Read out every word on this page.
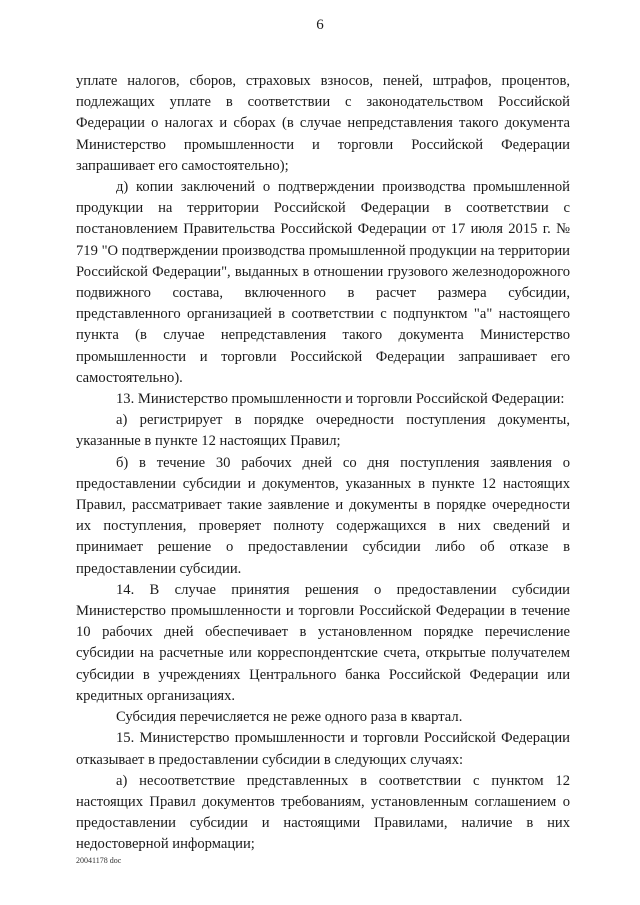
6

уплате налогов, сборов, страховых взносов, пеней, штрафов, процентов, подлежащих уплате в соответствии с законодательством Российской Федерации о налогах и сборах (в случае непредставления такого документа Министерство промышленности и торговли Российской Федерации запрашивает его самостоятельно);

д) копии заключений о подтверждении производства промышленной продукции на территории Российской Федерации в соответствии с постановлением Правительства Российской Федерации от 17 июля 2015 г. № 719 "О подтверждении производства промышленной продукции на территории Российской Федерации", выданных в отношении грузового железнодорожного подвижного состава, включенного в расчет размера субсидии, представленного организацией в соответствии с подпунктом "а" настоящего пункта (в случае непредставления такого документа Министерство промышленности и торговли Российской Федерации запрашивает его самостоятельно).

13. Министерство промышленности и торговли Российской Федерации:

а) регистрирует в порядке очередности поступления документы, указанные в пункте 12 настоящих Правил;

б) в течение 30 рабочих дней со дня поступления заявления о предоставлении субсидии и документов, указанных в пункте 12 настоящих Правил, рассматривает такие заявление и документы в порядке очередности их поступления, проверяет полноту содержащихся в них сведений и принимает решение о предоставлении субсидии либо об отказе в предоставлении субсидии.

14. В случае принятия решения о предоставлении субсидии Министерство промышленности и торговли Российской Федерации в течение 10 рабочих дней обеспечивает в установленном порядке перечисление субсидии на расчетные или корреспондентские счета, открытые получателем субсидии в учреждениях Центрального банка Российской Федерации или кредитных организациях.

Субсидия перечисляется не реже одного раза в квартал.

15. Министерство промышленности и торговли Российской Федерации отказывает в предоставлении субсидии в следующих случаях:

а) несоответствие представленных в соответствии с пунктом 12 настоящих Правил документов требованиям, установленным соглашением о предоставлении субсидии и настоящими Правилами, наличие в них недостоверной информации;

20041178 doc
